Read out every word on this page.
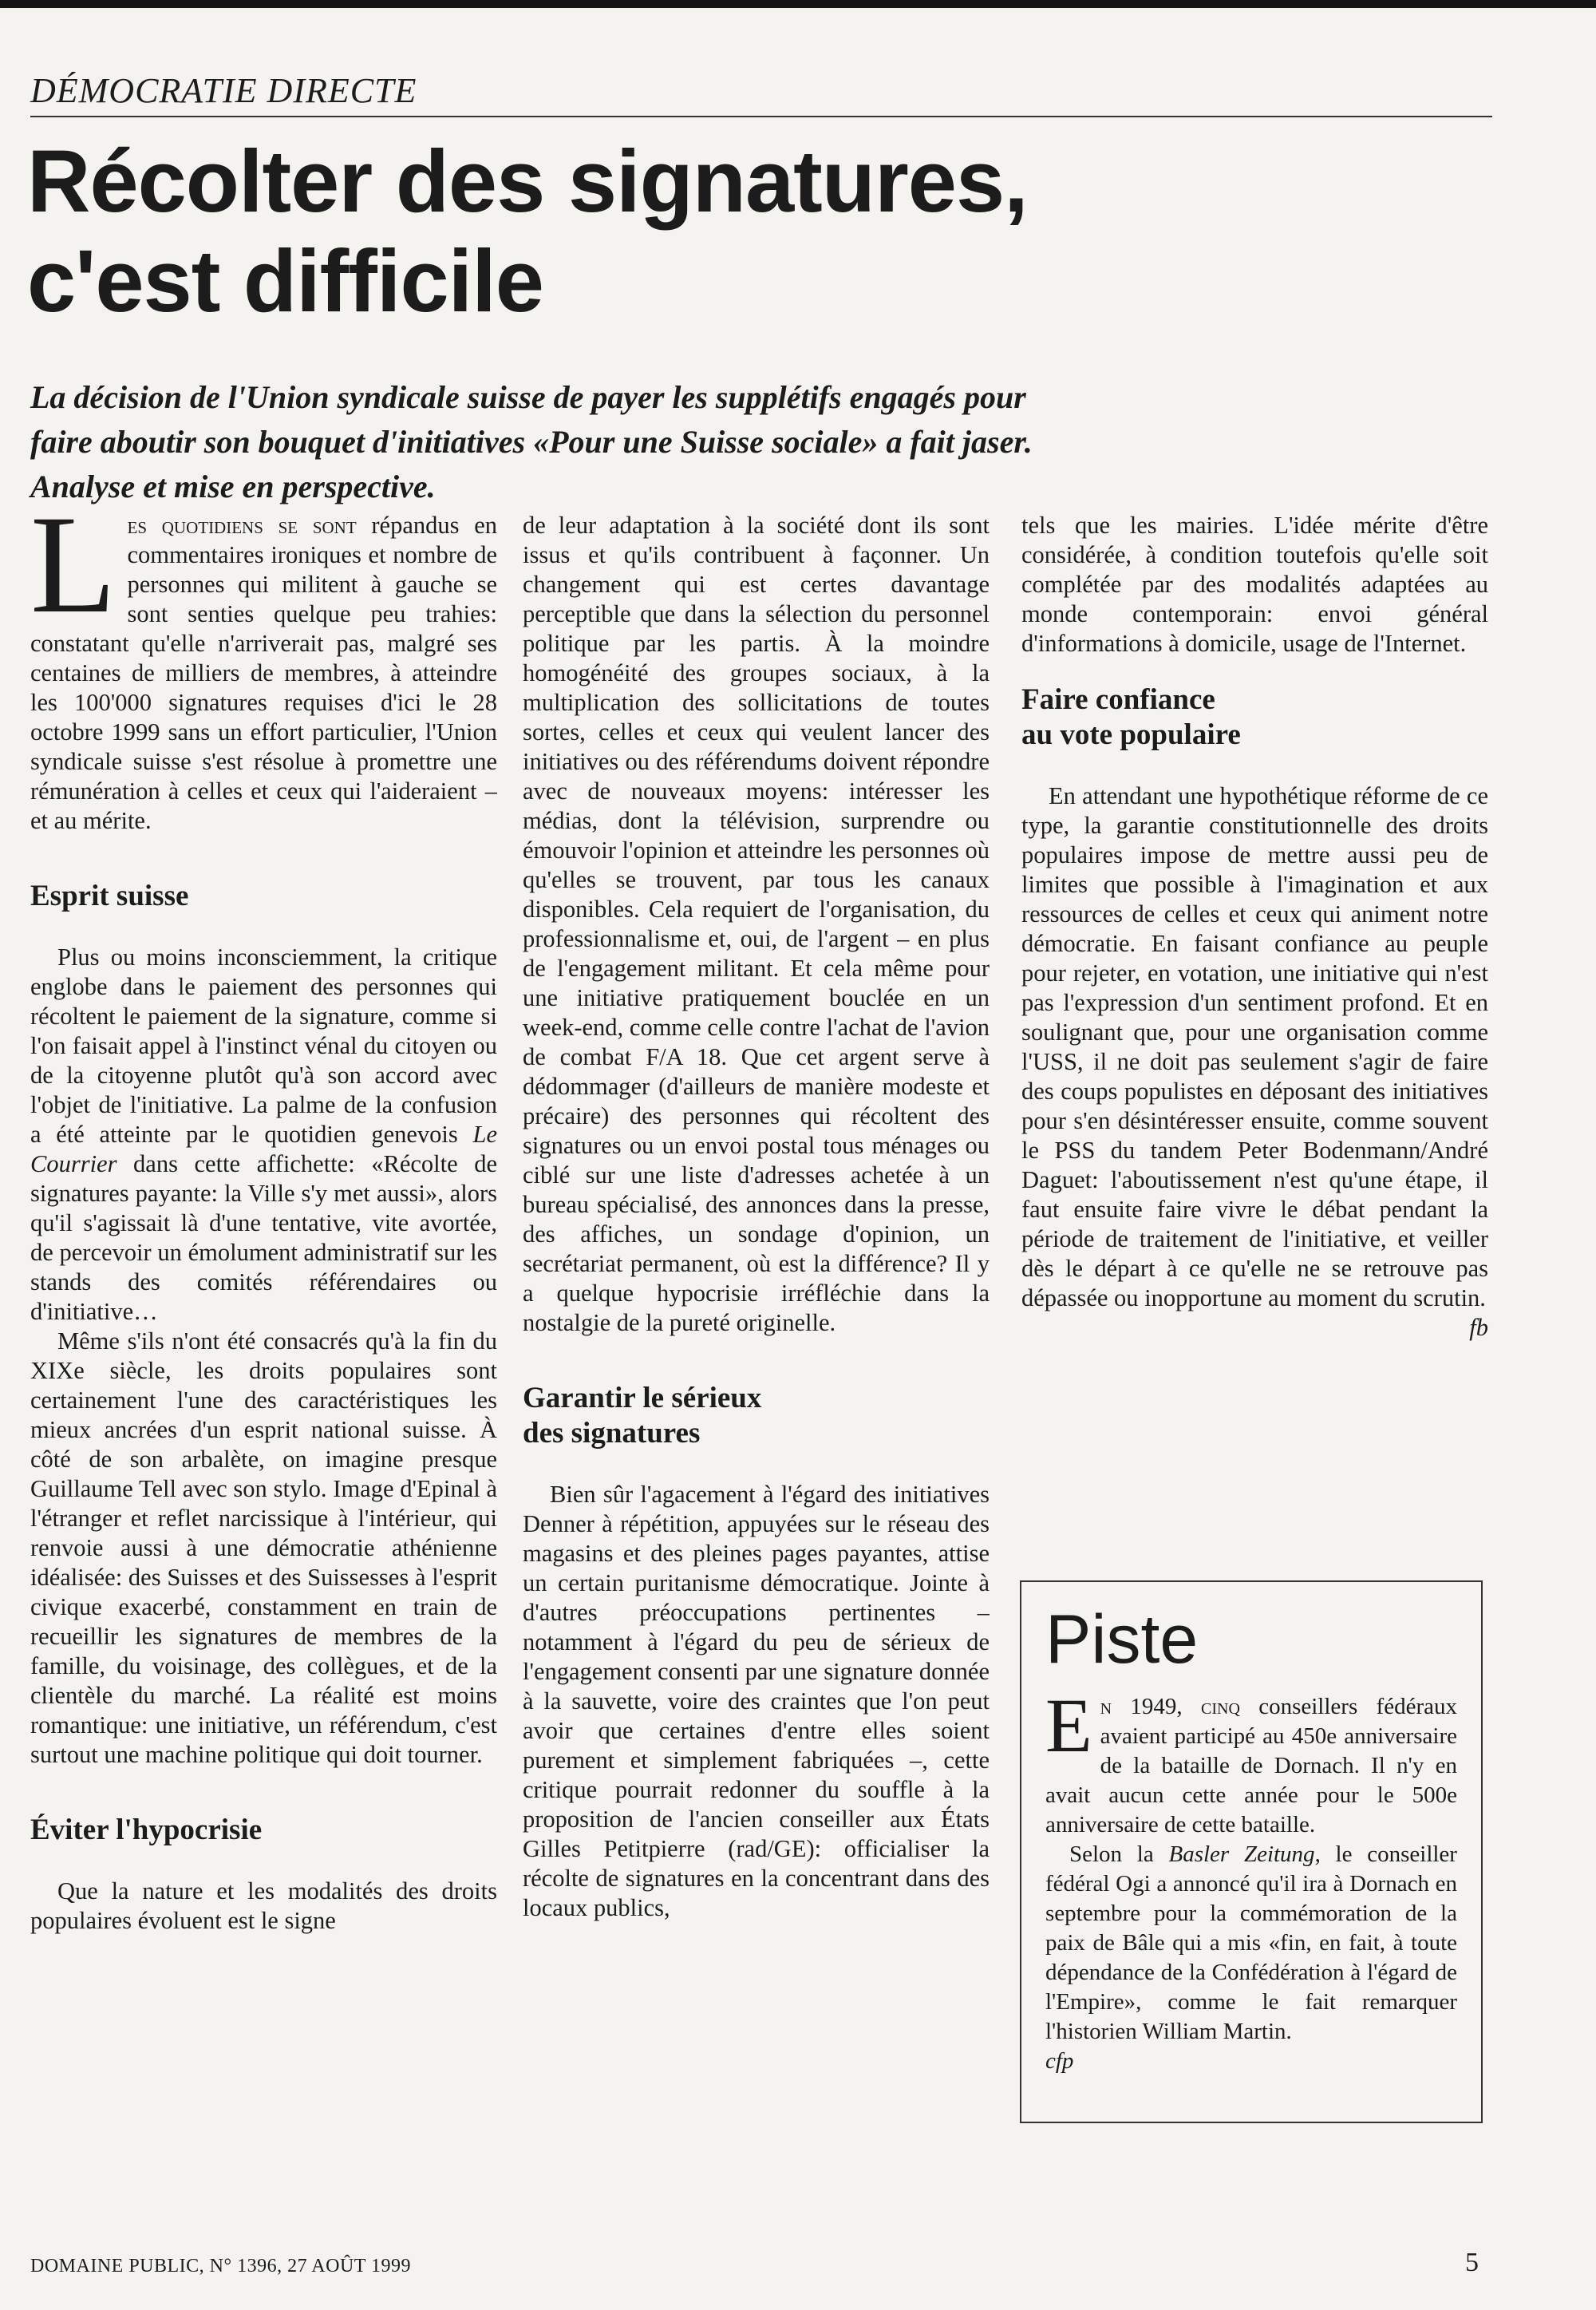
DÉMOCRATIE DIRECTE
Récolter des signatures,
c'est difficile
La décision de l'Union syndicale suisse de payer les supplétifs engagés pour
faire aboutir son bouquet d'initiatives «Pour une Suisse sociale» a fait jaser.
Analyse et mise en perspective.

Les quotidiens se sont répandus en commentaires ironiques et nombre de personnes qui militent à gauche se sont senties quelque peu trahies: constatant qu'elle n'arriverait pas, malgré ses centaines de milliers de membres, à atteindre les 100'000 signatures requises d'ici le 28 octobre 1999 sans un effort particulier, l'Union syndicale suisse s'est résolue à promettre une rémunération à celles et ceux qui l'aideraient – et au mérite.

Esprit suisse

Plus ou moins inconsciemment, la critique englobe dans le paiement des personnes qui récoltent le paiement de la signature, comme si l'on faisait appel à l'instinct vénal du citoyen ou de la citoyenne plutôt qu'à son accord avec l'objet de l'initiative. La palme de la confusion a été atteinte par le quotidien genevois Le Courrier dans cette affichette: «Récolte de signatures payante: la Ville s'y met aussi», alors qu'il s'agissait là d'une tentative, vite avortée, de percevoir un émolument administratif sur les stands des comités référendaires ou d'initiative…

Même s'ils n'ont été consacrés qu'à la fin du XIXe siècle, les droits populaires sont certainement l'une des caractéristiques les mieux ancrées d'un esprit national suisse. À côté de son arbalète, on imagine presque Guillaume Tell avec son stylo. Image d'Epinal à l'étranger et reflet narcissique à l'intérieur, qui renvoie aussi à une démocratie athénienne idéalisée: des Suisses et des Suissesses à l'esprit civique exacerbé, constamment en train de recueillir les signatures de membres de la famille, du voisinage, des collègues, et de la clientèle du marché. La réalité est moins romantique: une initiative, un référendum, c'est surtout une machine politique qui doit tourner.

Éviter l'hypocrisie

Que la nature et les modalités des droits populaires évoluent est le signe

de leur adaptation à la société dont ils sont issus et qu'ils contribuent à façonner. Un changement qui est certes davantage perceptible que dans la sélection du personnel politique par les partis. À la moindre homogénéité des groupes sociaux, à la multiplication des sollicitations de toutes sortes, celles et ceux qui veulent lancer des initiatives ou des référendums doivent répondre avec de nouveaux moyens: intéresser les médias, dont la télévision, surprendre ou émouvoir l'opinion et atteindre les personnes où qu'elles se trouvent, par tous les canaux disponibles. Cela requiert de l'organisation, du professionnalisme et, oui, de l'argent – en plus de l'engagement militant. Et cela même pour une initiative pratiquement bouclée en un week-end, comme celle contre l'achat de l'avion de combat F/A 18. Que cet argent serve à dédommager (d'ailleurs de manière modeste et précaire) des personnes qui récoltent des signatures ou un envoi postal tous ménages ou ciblé sur une liste d'adresses achetée à un bureau spécialisé, des annonces dans la presse, des affiches, un sondage d'opinion, un secrétariat permanent, où est la différence? Il y a quelque hypocrisie irréfléchie dans la nostalgie de la pureté originelle.

Garantir le sérieux
des signatures

Bien sûr l'agacement à l'égard des initiatives Denner à répétition, appuyées sur le réseau des magasins et des pleines pages payantes, attise un certain puritanisme démocratique. Jointe à d'autres préoccupations pertinentes – notamment à l'égard du peu de sérieux de l'engagement consenti par une signature donnée à la sauvette, voire des craintes que l'on peut avoir que certaines d'entre elles soient purement et simplement fabriquées –, cette critique pourrait redonner du souffle à la proposition de l'ancien conseiller aux États Gilles Petitpierre (rad/GE): officialiser la récolte de signatures en la concentrant dans des locaux publics,

tels que les mairies. L'idée mérite d'être considérée, à condition toutefois qu'elle soit complétée par des modalités adaptées au monde contemporain: envoi général d'informations à domicile, usage de l'Internet.

Faire confiance
au vote populaire

En attendant une hypothétique réforme de ce type, la garantie constitutionnelle des droits populaires impose de mettre aussi peu de limites que possible à l'imagination et aux ressources de celles et ceux qui animent notre démocratie. En faisant confiance au peuple pour rejeter, en votation, une initiative qui n'est pas l'expression d'un sentiment profond. Et en soulignant que, pour une organisation comme l'USS, il ne doit pas seulement s'agir de faire des coups populistes en déposant des initiatives pour s'en désintéresser ensuite, comme souvent le PSS du tandem Peter Bodenmann/André Daguet: l'aboutissement n'est qu'une étape, il faut ensuite faire vivre le débat pendant la période de traitement de l'initiative, et veiller dès le départ à ce qu'elle ne se retrouve pas dépassée ou inopportune au moment du scrutin.

fb

Piste

En 1949, cinq conseillers fédéraux avaient participé au 450e anniversaire de la bataille de Dornach. Il n'y en avait aucun cette année pour le 500e anniversaire de cette bataille.

Selon la Basler Zeitung, le conseiller fédéral Ogi a annoncé qu'il ira à Dornach en septembre pour la commémoration de la paix de Bâle qui a mis «fin, en fait, à toute dépendance de la Confédération à l'égard de l'Empire», comme le fait remarquer l'historien William Martin.

cfp

DOMAINE PUBLIC, N° 1396, 27 AOÛT 1999	5
